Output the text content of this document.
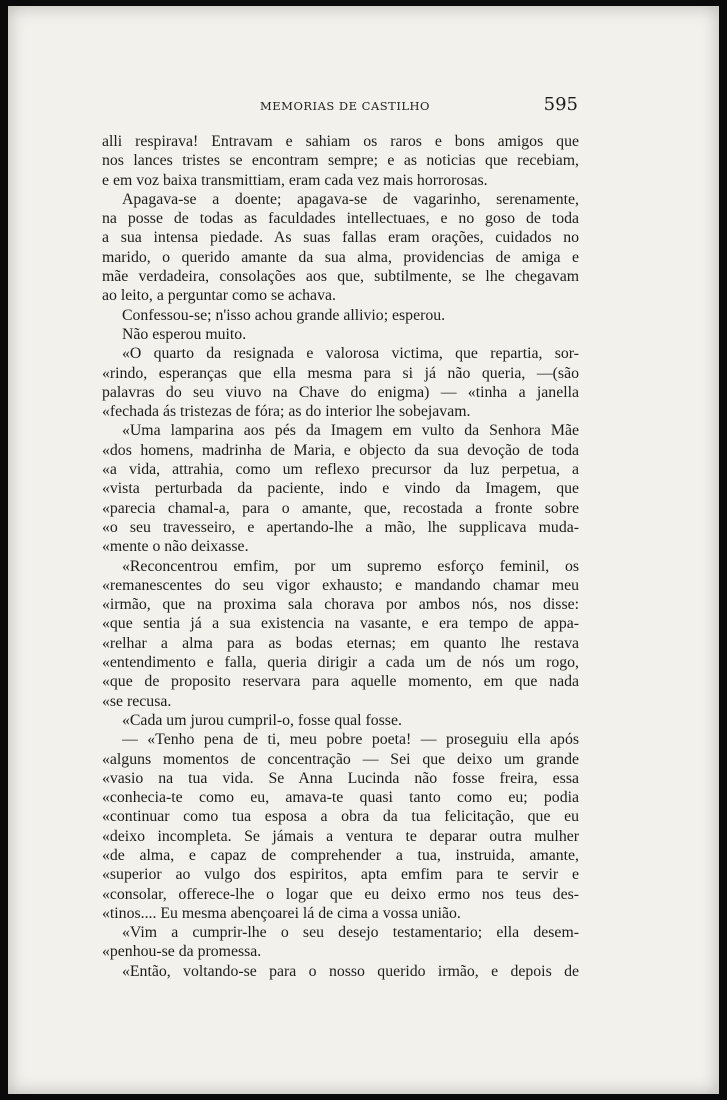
MEMORIAS DE CASTILHO	595
alli respirava! Entravam e sahiam os raros e bons amigos que
nos lances tristes se encontram sempre; e as noticias que recebiam,
e em voz baixa transmittiam, eram cada vez mais horrorosas.
Apagava-se a doente; apagava-se de vagarinho, serenamente,
na posse de todas as faculdades intellectuaes, e no goso de toda
a sua intensa piedade. As suas fallas eram orações, cuidados no
marido, o querido amante da sua alma, providencias de amiga e
mãe verdadeira, consolações aos que, subtilmente, se lhe chegavam
ao leito, a perguntar como se achava.
Confessou-se; n'isso achou grande allivio; esperou.
Não esperou muito.
«O quarto da resignada e valorosa victima, que repartia, sor-
«rindo, esperanças que ella mesma para si já não queria, —(são
palavras do seu viuvo na Chave do enigma) — «tinha a janella
«fechada ás tristezas de fóra; as do interior lhe sobejavam.
«Uma lamparina aos pés da Imagem em vulto da Senhora Mãe
«dos homens, madrinha de Maria, e objecto da sua devoção de toda
«a vida, attrahia, como um reflexo precursor da luz perpetua, a
«vista perturbada da paciente, indo e vindo da Imagem, que
«parecia chamal-a, para o amante, que, recostada a fronte sobre
«o seu travesseiro, e apertando-lhe a mão, lhe supplicava muda-
«mente o não deixasse.
«Reconcentrou emfim, por um supremo esforço feminil, os
«remanescentes do seu vigor exhausto; e mandando chamar meu
«irmão, que na proxima sala chorava por ambos nós, nos disse:
«que sentia já a sua existencia na vasante, e era tempo de appa-
«relhar a alma para as bodas eternas; em quanto lhe restava
«entendimento e falla, queria dirigir a cada um de nós um rogo,
«que de proposito reservara para aquelle momento, em que nada
«se recusa.
«Cada um jurou cumpril-o, fosse qual fosse.
— «Tenho pena de ti, meu pobre poeta! — proseguiu ella após
«alguns momentos de concentração — Sei que deixo um grande
«vasio na tua vida. Se Anna Lucinda não fosse freira, essa
«conhecia-te como eu, amava-te quasi tanto como eu; podia
«continuar como tua esposa a obra da tua felicitação, que eu
«deixo incompleta. Se jámais a ventura te deparar outra mulher
«de alma, e capaz de comprehender a tua, instruida, amante,
«superior ao vulgo dos espiritos, apta emfim para te servir e
«consolar, offerece-lhe o logar que eu deixo ermo nos teus des-
«tinos.... Eu mesma abençoarei lá de cima a vossa união.
«Vim a cumprir-lhe o seu desejo testamentario; ella desem-
«penhou-se da promessa.
«Então, voltando-se para o nosso querido irmão, e depois de
